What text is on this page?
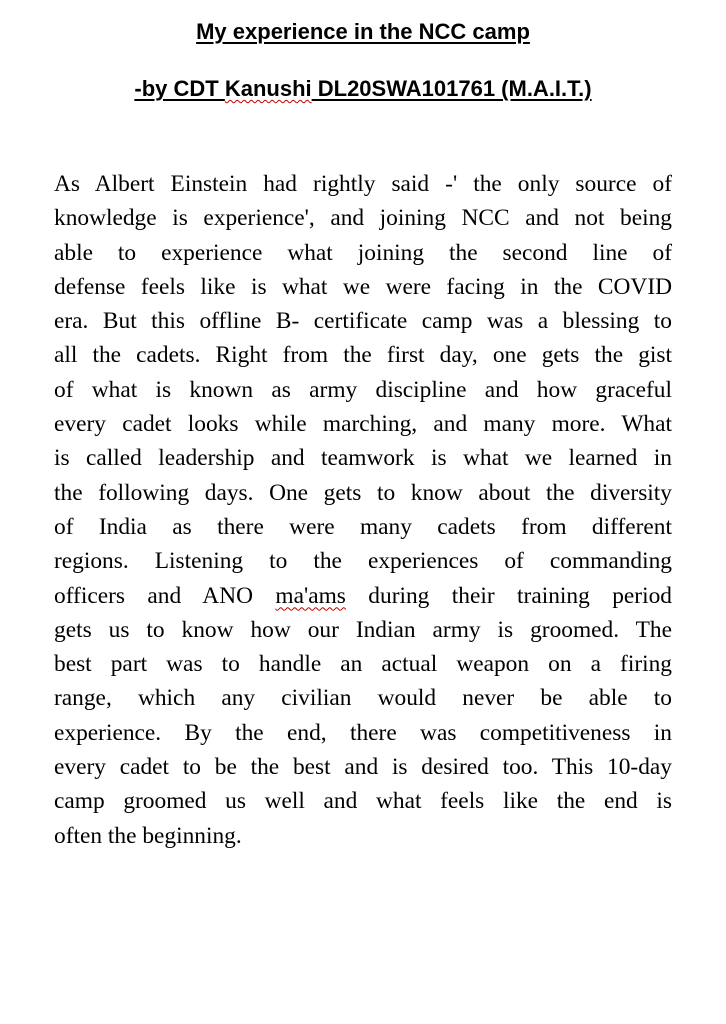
My experience in the NCC camp
-by CDT Kanushi DL20SWA101761 (M.A.I.T.)
As Albert Einstein had rightly said -' the only source of
knowledge is experience', and joining NCC and not being
able to experience what joining the second line of
defense feels like is what we were facing in the COVID
era. But this offline B- certificate camp was a blessing to
all the cadets. Right from the first day, one gets the gist
of what is known as army discipline and how graceful
every cadet looks while marching, and many more. What
is called leadership and teamwork is what we learned in
the following days. One gets to know about the diversity
of India as there were many cadets from different
regions. Listening to the experiences of commanding
officers and ANO ma'ams during their training period
gets us to know how our Indian army is groomed. The
best part was to handle an actual weapon on a firing
range, which any civilian would never be able to
experience. By the end, there was competitiveness in
every cadet to be the best and is desired too. This 10-day
camp groomed us well and what feels like the end is
often the beginning.
